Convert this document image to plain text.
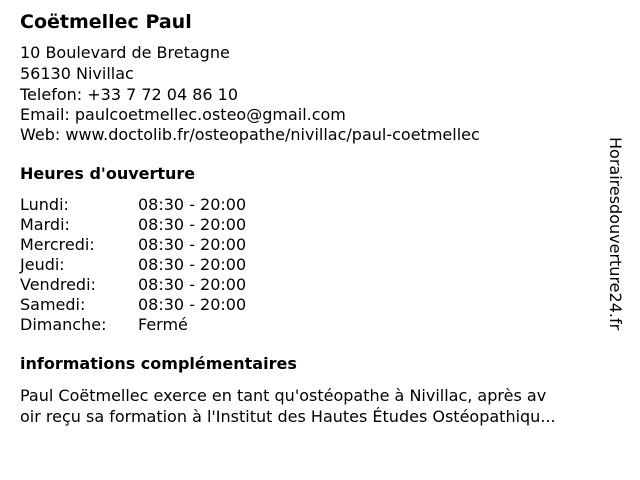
Coëtmellec Paul
10 Boulevard de Bretagne
56130 Nivillac
Telefon: +33 7 72 04 86 10
Email: paulcoetmellec.osteo@gmail.com
Web: www.doctolib.fr/osteopathe/nivillac/paul-coetmellec
Heures d'ouverture
Lundi:	08:30 - 20:00
Mardi:	08:30 - 20:00
Mercredi:	08:30 - 20:00
Jeudi:	08:30 - 20:00
Vendredi:	08:30 - 20:00
Samedi:	08:30 - 20:00
Dimanche: Fermé
informations complémentaires
Paul Coëtmellec exerce en tant qu'ostéopathe à Nivillac, après av
oir reçu sa formation à l'Institut des Hautes Études Ostéopathiqu...
Horairesdouverture24.fr
